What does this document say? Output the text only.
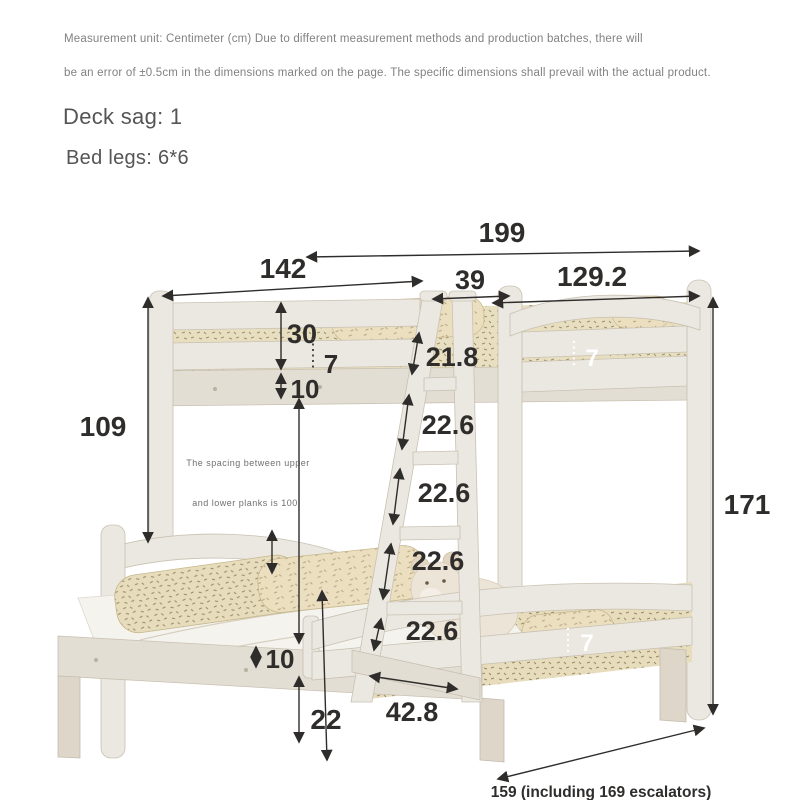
Measurement unit: Centimeter (cm) Due to different measurement methods and production batches, there will

be an error of ±0.5cm in the dimensions marked on the page. The specific dimensions shall prevail with the actual product.

Deck sag: 1
Bed legs: 6*6
The spacing between upper
and lower planks is 100
199
142	39	129.2
109
30
7
10
21.8
22.6
22.6
22.6
22.6
42.8
10
22
171
7
7
159 (including 169 escalators)
